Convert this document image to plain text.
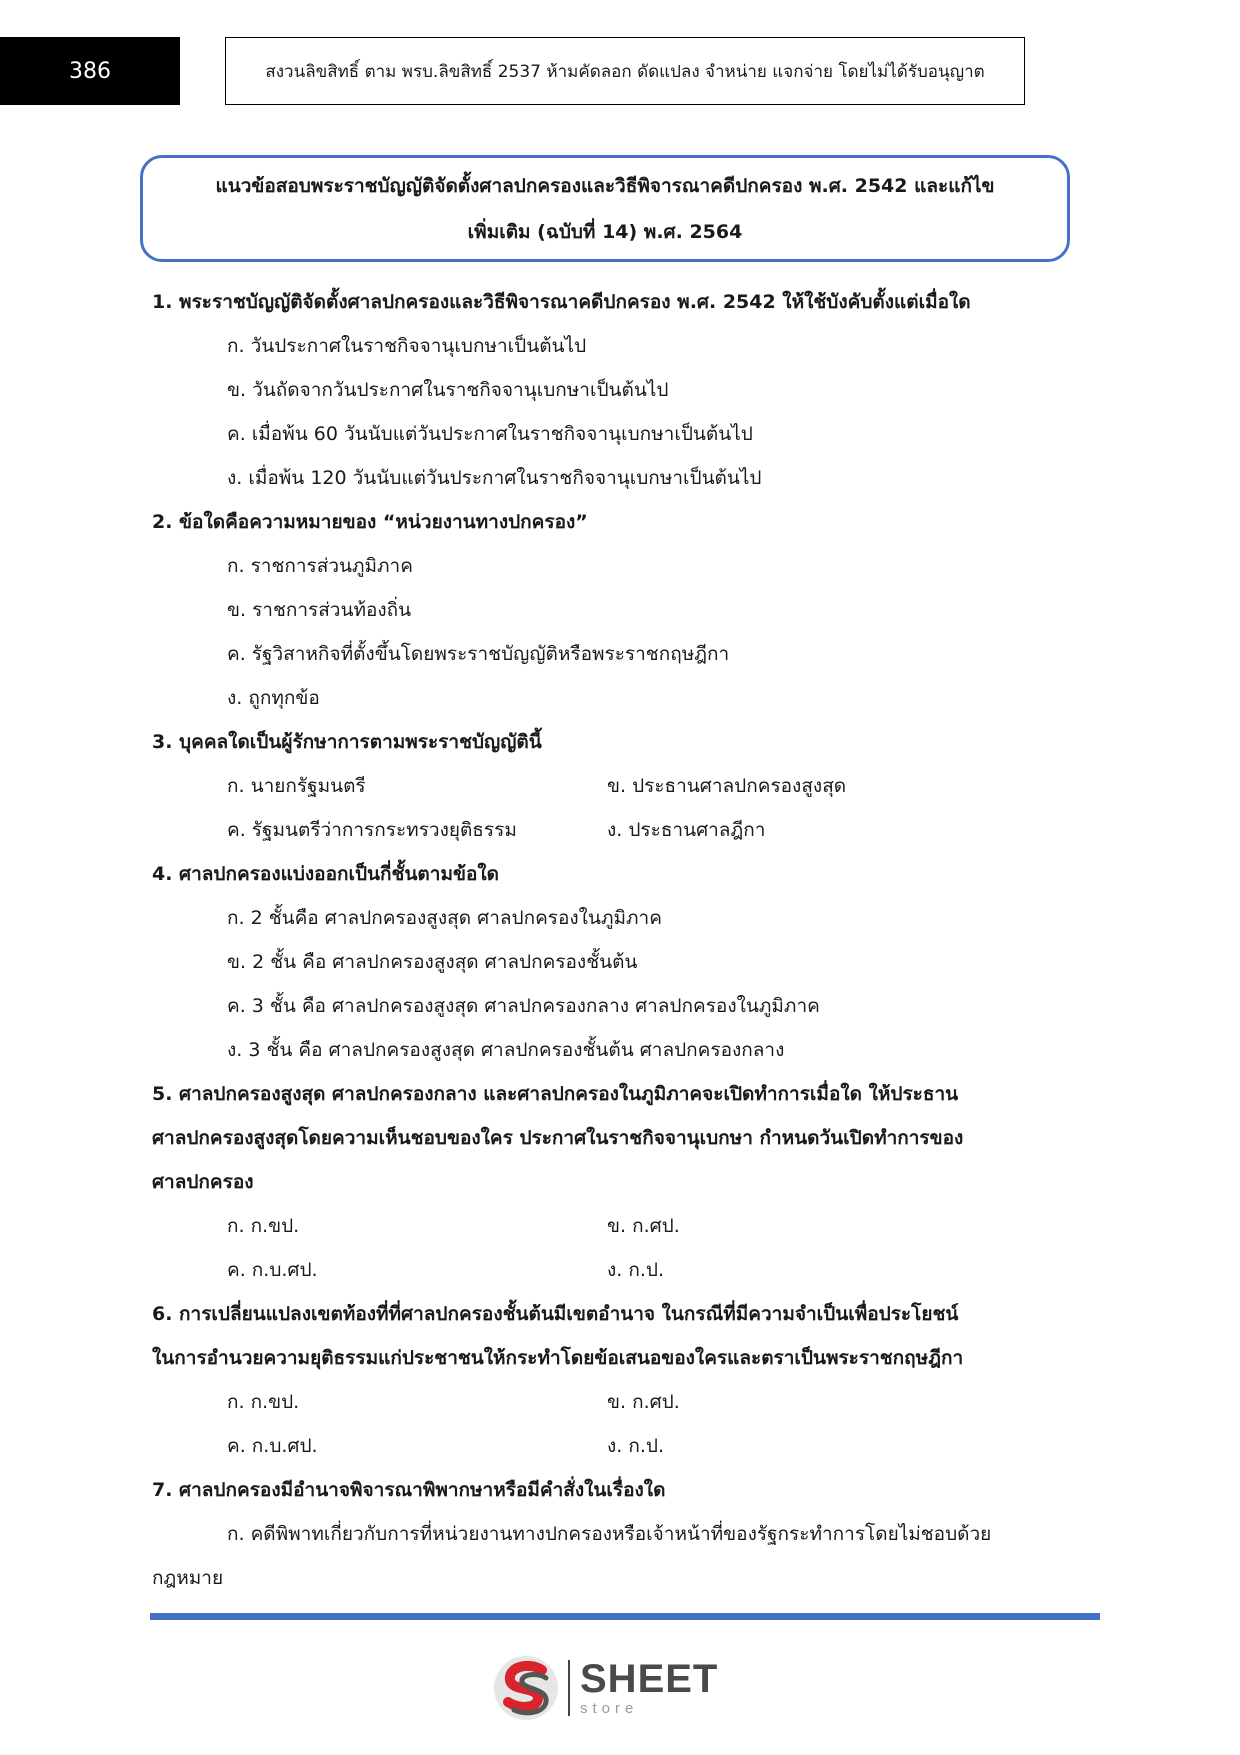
386	สงวนลิขสิทธิ์ ตาม พรบ.ลิขสิทธิ์ 2537 ห้ามคัดลอก ดัดแปลง จำหน่าย แจกจ่าย โดยไม่ได้รับอนุญาต
แนวข้อสอบพระราชบัญญัติจัดตั้งศาลปกครองและวิธีพิจารณาคดีปกครอง พ.ศ. 2542 และแก้ไข
เพิ่มเติม (ฉบับที่ 14) พ.ศ. 2564
1. พระราชบัญญัติจัดตั้งศาลปกครองและวิธีพิจารณาคดีปกครอง พ.ศ. 2542 ให้ใช้บังคับตั้งแต่เมื่อใด
ก. วันประกาศในราชกิจจานุเบกษาเป็นต้นไป
ข. วันถัดจากวันประกาศในราชกิจจานุเบกษาเป็นต้นไป
ค. เมื่อพ้น 60 วันนับแต่วันประกาศในราชกิจจานุเบกษาเป็นต้นไป
ง. เมื่อพ้น 120 วันนับแต่วันประกาศในราชกิจจานุเบกษาเป็นต้นไป
2. ข้อใดคือความหมายของ “หน่วยงานทางปกครอง”
ก. ราชการส่วนภูมิภาค
ข. ราชการส่วนท้องถิ่น
ค. รัฐวิสาหกิจที่ตั้งขึ้นโดยพระราชบัญญัติหรือพระราชกฤษฎีกา
ง. ถูกทุกข้อ
3. บุคคลใดเป็นผู้รักษาการตามพระราชบัญญัตินี้
ก. นายกรัฐมนตรี	ข. ประธานศาลปกครองสูงสุด
ค. รัฐมนตรีว่าการกระทรวงยุติธรรม	ง. ประธานศาลฎีกา
4. ศาลปกครองแบ่งออกเป็นกี่ชั้นตามข้อใด
ก. 2 ชั้นคือ ศาลปกครองสูงสุด ศาลปกครองในภูมิภาค
ข. 2 ชั้น คือ ศาลปกครองสูงสุด ศาลปกครองชั้นต้น
ค. 3 ชั้น คือ ศาลปกครองสูงสุด ศาลปกครองกลาง ศาลปกครองในภูมิภาค
ง. 3 ชั้น คือ ศาลปกครองสูงสุด ศาลปกครองชั้นต้น ศาลปกครองกลาง
5. ศาลปกครองสูงสุด ศาลปกครองกลาง และศาลปกครองในภูมิภาคจะเปิดทำการเมื่อใด ให้ประธาน
ศาลปกครองสูงสุดโดยความเห็นชอบของใคร ประกาศในราชกิจจานุเบกษา กำหนดวันเปิดทำการของ
ศาลปกครอง
ก. ก.ขป.	ข. ก.ศป.
ค. ก.บ.ศป.	ง. ก.ป.
6. การเปลี่ยนแปลงเขตท้องที่ที่ศาลปกครองชั้นต้นมีเขตอำนาจ ในกรณีที่มีความจำเป็นเพื่อประโยชน์
ในการอำนวยความยุติธรรมแก่ประชาชนให้กระทำโดยข้อเสนอของใครและตราเป็นพระราชกฤษฎีกา
ก. ก.ขป.	ข. ก.ศป.
ค. ก.บ.ศป.	ง. ก.ป.
7. ศาลปกครองมีอำนาจพิจารณาพิพากษาหรือมีคำสั่งในเรื่องใด
ก. คดีพิพาทเกี่ยวกับการที่หน่วยงานทางปกครองหรือเจ้าหน้าที่ของรัฐกระทำการโดยไม่ชอบด้วย
กฎหมาย
SHEET
store
